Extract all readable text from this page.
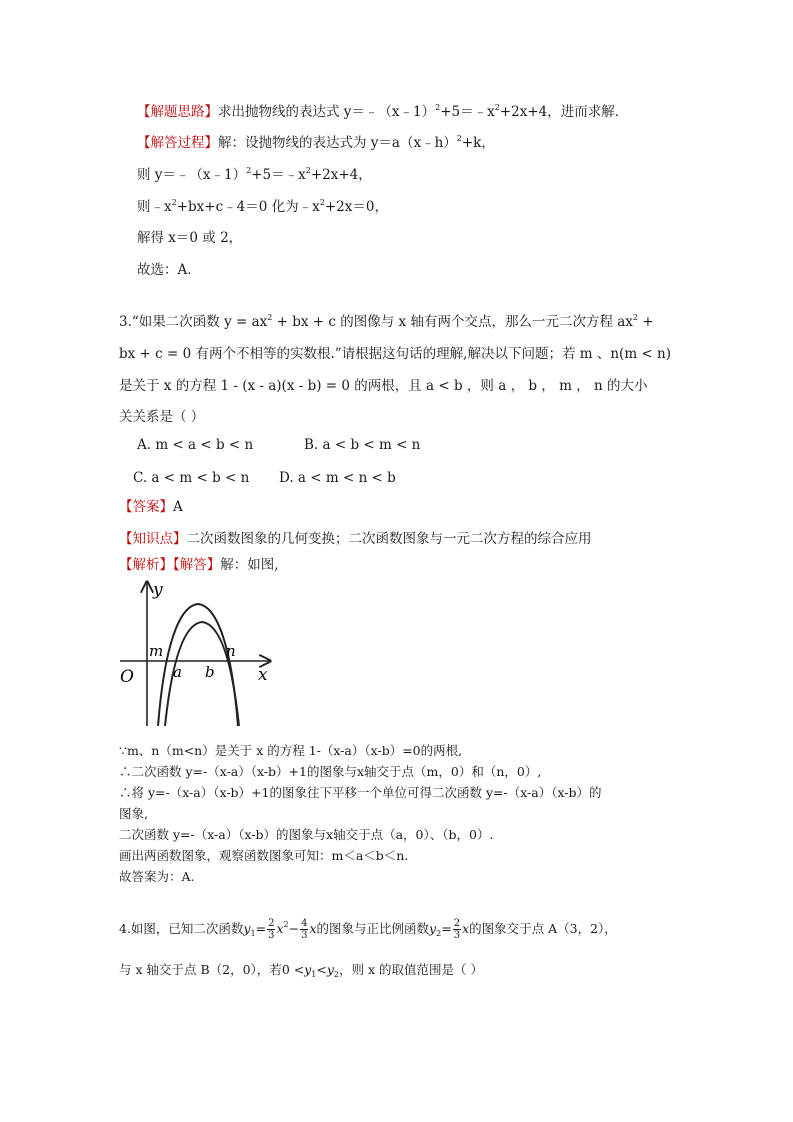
【解题思路】求出抛物线的表达式 $y=﹣(x﹣1)^2+5=﹣x^2+2x+4$，进而求解．
【解答过程】解：设抛物线的表达式为 y＝a（x﹣h）$^2$+k，
则 $y=﹣(x﹣1)^2+5=﹣x^2+2x+4$，
则$﹣x^2+bx+c﹣4=0$ 化为$﹣x^2+2x=0$，
解得 x＝0 或 2，
故选：A．
3.“如果二次函数 $y = ax^2$ + bx + c 的图像与 x 轴有两个交点，那么一元二次方程 $ax^2$ +
bx + c = 0 有两个不相等的实数根.”请根据这句话的理解,解决以下问题；若 m 、n(m < n)
是关于 x 的方程 1 - (x - a)(x - b) = 0 的两根，且 a < b ，则 a ， b ， m ， n 的大小
关关系是（ ）
A. m < a < b < n	B. a < b < m < n
C. a < m < b < n D. a < m < n < b
【答案】A
【知识点】二次函数图象的几何变换；二次函数图象与一元二次方程的综合应用
【解析】【解答】解：如图,
y
x
O
m
a b
n
∵m、n（m<n）是关于 x 的方程 1-（x-a）（x-b）=0的两根,
∴二次函数 y=-（x-a）（x-b）+1的图象与x轴交于点（m，0）和（n，0）,
∴将 y=-（x-a）（x-b）+1的图象往下平移一个单位可得二次函数 y=-（x-a）（x-b）的
图象,
二次函数 y=-（x-a）（x-b）的图象与x轴交于点（a，0）、（b，0）.
画出两函数图象，观察函数图象可知：m＜a＜b＜n.
故答案为：A.
4.如图，已知二次函数$y_1= \frac{2}{3} x^2- \frac{4}{3}$ x的图象与正比例函数$y_2= \frac{2}{3}$ x的图象交于点 A（3，2），
与 x 轴交于点 B（2，0），若$0 <y_1<y_2$，则 x 的取值范围是（ ）
